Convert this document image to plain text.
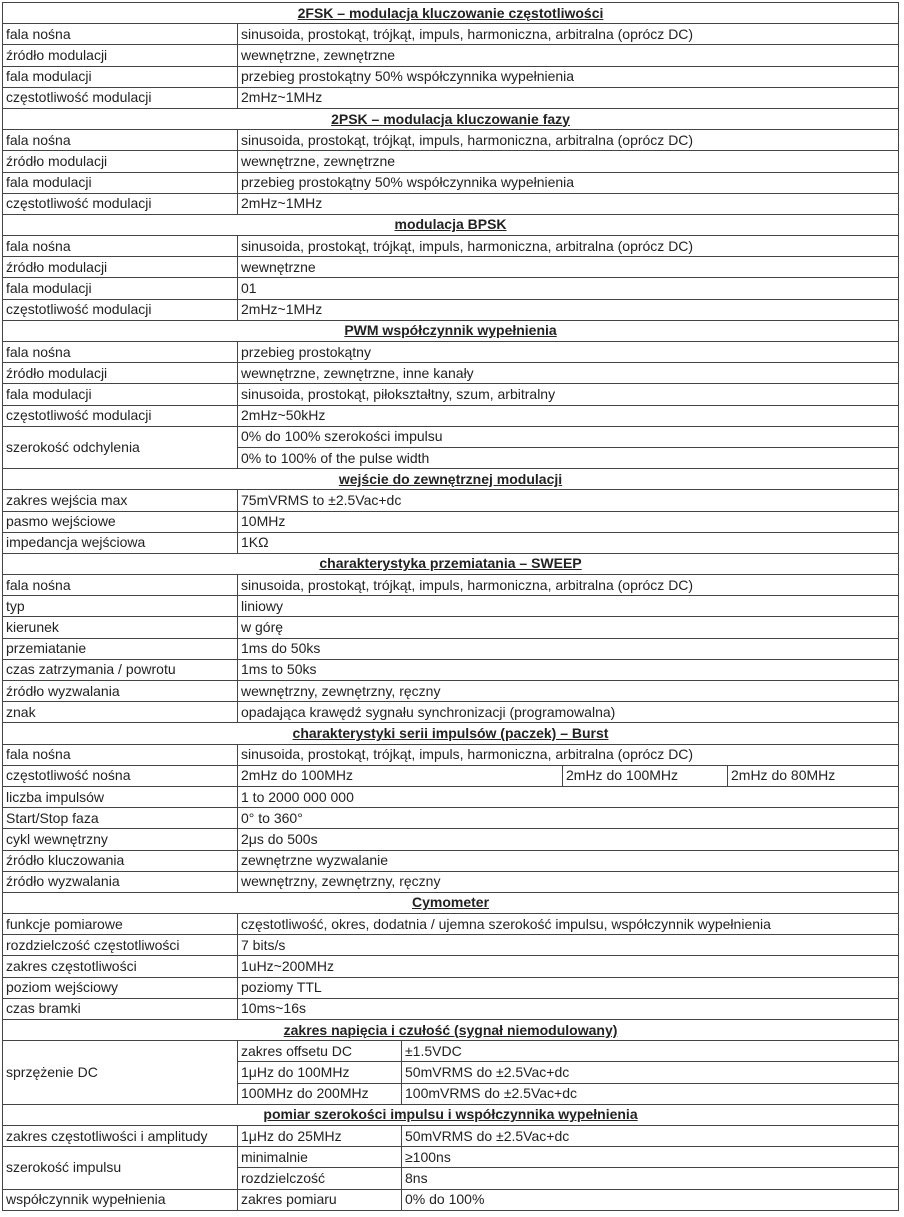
2FSK – modulacja kluczowanie częstotliwości				
fala nośna	sinusoida, prostokąt, trójkąt, impuls, harmoniczna, arbitralna (oprócz DC)			
źródło modulacji	wewnętrzne, zewnętrzne			
fala modulacji	przebieg prostokątny 50% współczynnika wypełnienia			
częstotliwość modulacji	2mHz~1MHz			
2PSK – modulacja kluczowanie fazy				
fala nośna	sinusoida, prostokąt, trójkąt, impuls, harmoniczna, arbitralna (oprócz DC)			
źródło modulacji	wewnętrzne, zewnętrzne			
fala modulacji	przebieg prostokątny 50% współczynnika wypełnienia			
częstotliwość modulacji	2mHz~1MHz			
modulacja BPSK				
fala nośna	sinusoida, prostokąt, trójkąt, impuls, harmoniczna, arbitralna (oprócz DC)			
źródło modulacji	wewnętrzne			
fala modulacji	01			
częstotliwość modulacji	2mHz~1MHz			
PWM współczynnik wypełnienia				
fala nośna	przebieg prostokątny			
źródło modulacji	wewnętrzne, zewnętrzne, inne kanały			
fala modulacji	sinusoida, prostokąt, piłokształtny, szum, arbitralny			
częstotliwość modulacji	2mHz~50kHz			
szerokość odchylenia	0% do 100% szerokości impulsu			
	0% to 100% of the pulse width			
wejście do zewnętrznej modulacji				
zakres wejścia max	75mVRMS to ±2.5Vac+dc			
pasmo wejściowe	10MHz			
impedancja wejściowa	1KΩ			
charakterystyka przemiatania – SWEEP				
fala nośna	sinusoida, prostokąt, trójkąt, impuls, harmoniczna, arbitralna (oprócz DC)			
typ	liniowy			
kierunek	w górę			
przemiatanie	1ms do 50ks			
czas zatrzymania / powrotu	1ms to 50ks			
źródło wyzwalania	wewnętrzny, zewnętrzny, ręczny			
znak	opadająca krawędź sygnału synchronizacji (programowalna)			
charakterystyki serii impulsów (paczek) – Burst				
fala nośna	sinusoida, prostokąt, trójkąt, impuls, harmoniczna, arbitralna (oprócz DC)			
częstotliwość nośna	2mHz do 100MHz		2mHz do 100MHz	2mHz do 80MHz
liczba impulsów	1 to 2000 000 000			
Start/Stop faza	0° to 360°			
cykl wewnętrzny	2μs do 500s			
źródło kluczowania	zewnętrzne wyzwalanie			
źródło wyzwalania	wewnętrzny, zewnętrzny, ręczny			
Cymometer				
funkcje pomiarowe	częstotliwość, okres, dodatnia / ujemna szerokość impulsu, współczynnik wypełnienia			
rozdzielczość częstotliwości	7 bits/s			
zakres częstotliwości	1uHz~200MHz			
poziom wejściowy	poziomy TTL			
czas bramki	10ms~16s			
zakres napięcia i czułość (sygnał niemodulowany)				
sprzężenie DC	zakres offsetu DC	±1.5VDC		
	1μHz do 100MHz	50mVRMS do ±2.5Vac+dc		
	100MHz do 200MHz	100mVRMS do ±2.5Vac+dc		
pomiar szerokości impulsu i współczynnika wypełnienia				
zakres częstotliwości i amplitudy	1μHz do 25MHz	50mVRMS do ±2.5Vac+dc		
szerokość impulsu	minimalnie	≥100ns		
	rozdzielczość	8ns		
współczynnik wypełnienia	zakres pomiaru	0% do 100%		
